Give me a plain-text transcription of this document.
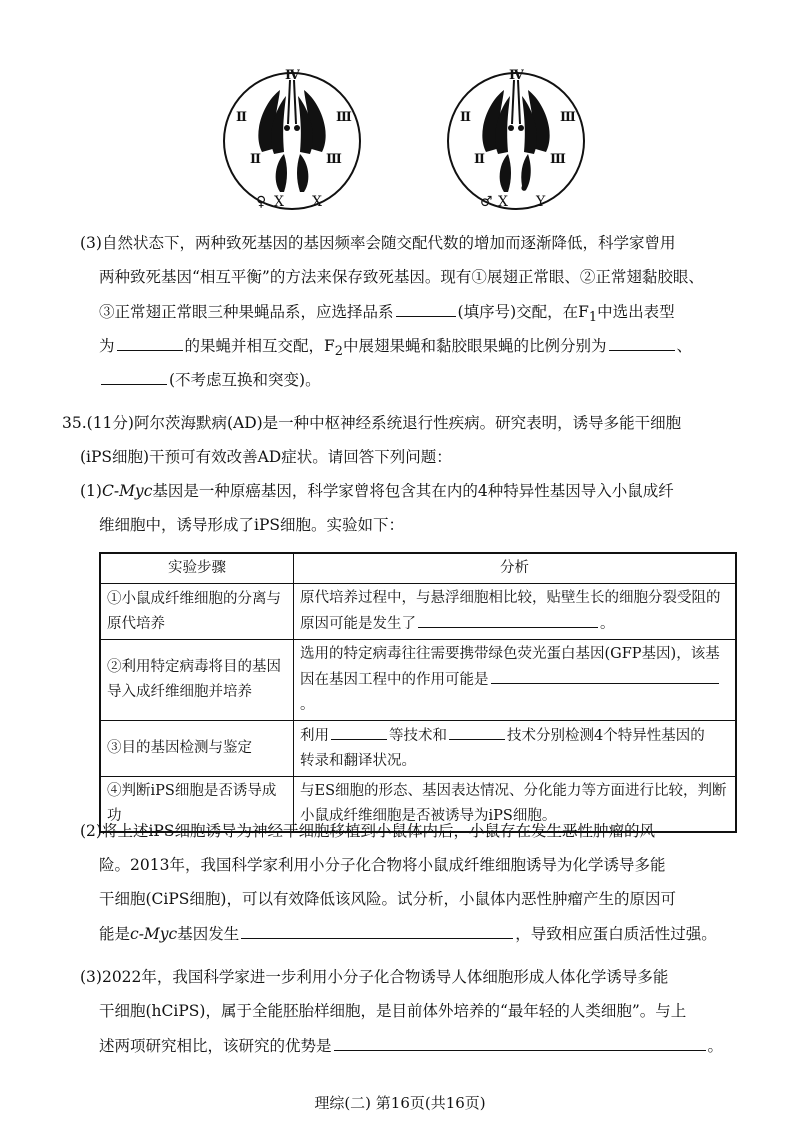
Ⅳ
Ⅱ	Ⅲ
Ⅱ	Ⅲ
♀ X X
Ⅳ
Ⅱ	Ⅲ
Ⅱ	Ⅲ
♂ X Y
(3)自然状态下，两种致死基因的基因频率会随交配代数的增加而逐渐降低，科学家曾用
两种致死基因“相互平衡”的方法来保存致死基因。现有①展翅正常眼、②正常翅黏胶眼、
③正常翅正常眼三种果蝇品系，应选择品系	(填序号)交配，在$F_1$中选出表型
为	的果蝇并相互交配，$F_2$中展翅果蝇和黏胶眼果蝇的比例分别为	、
(不考虑互换和突变)。
35.(11分)阿尔茨海默病(AD)是一种中枢神经系统退行性疾病。研究表明，诱导多能干细胞
(iPS细胞)干预可有效改善AD症状。请回答下列问题：
(1)C-Myc基因是一种原癌基因，科学家曾将包含其在内的4种特异性基因导入小鼠成纤
维细胞中，诱导形成了iPS细胞。实验如下：
实验步骤	分析
①小鼠成纤维细胞的分离与
原代培养	原代培养过程中，与悬浮细胞相比较，贴壁生长的细胞分裂受阻的
原因可能是发生了 。
②利用特定病毒将目的基因
导入成纤维细胞并培养	选用的特定病毒往往需要携带绿色荧光蛋白基因(GFP基因)，该基
因在基因工程中的作用可能是。
③目的基因检测与鉴定	利用 等技术和 技术分别检测4个特异性基因的
转录和翻译状况。
④判断iPS细胞是否诱导成功	与ES细胞的形态、基因表达情况、分化能力等方面进行比较，判断
小鼠成纤维细胞是否被诱导为iPS细胞。
(2)将上述iPS细胞诱导为神经干细胞移植到小鼠体内后，小鼠存在发生恶性肿瘤的风
险。2013年，我国科学家利用小分子化合物将小鼠成纤维细胞诱导为化学诱导多能
干细胞(CiPS细胞)，可以有效降低该风险。试分析，小鼠体内恶性肿瘤产生的原因可
能是c-Myc基因发生	，导致相应蛋白质活性过强。
(3)2022年，我国科学家进一步利用小分子化合物诱导人体细胞形成人体化学诱导多能
干细胞(hCiPS)，属于全能胚胎样细胞，是目前体外培养的“最年轻的人类细胞”。与上
述两项研究相比，该研究的优势是	。
理综(二) 第16页(共16页)
